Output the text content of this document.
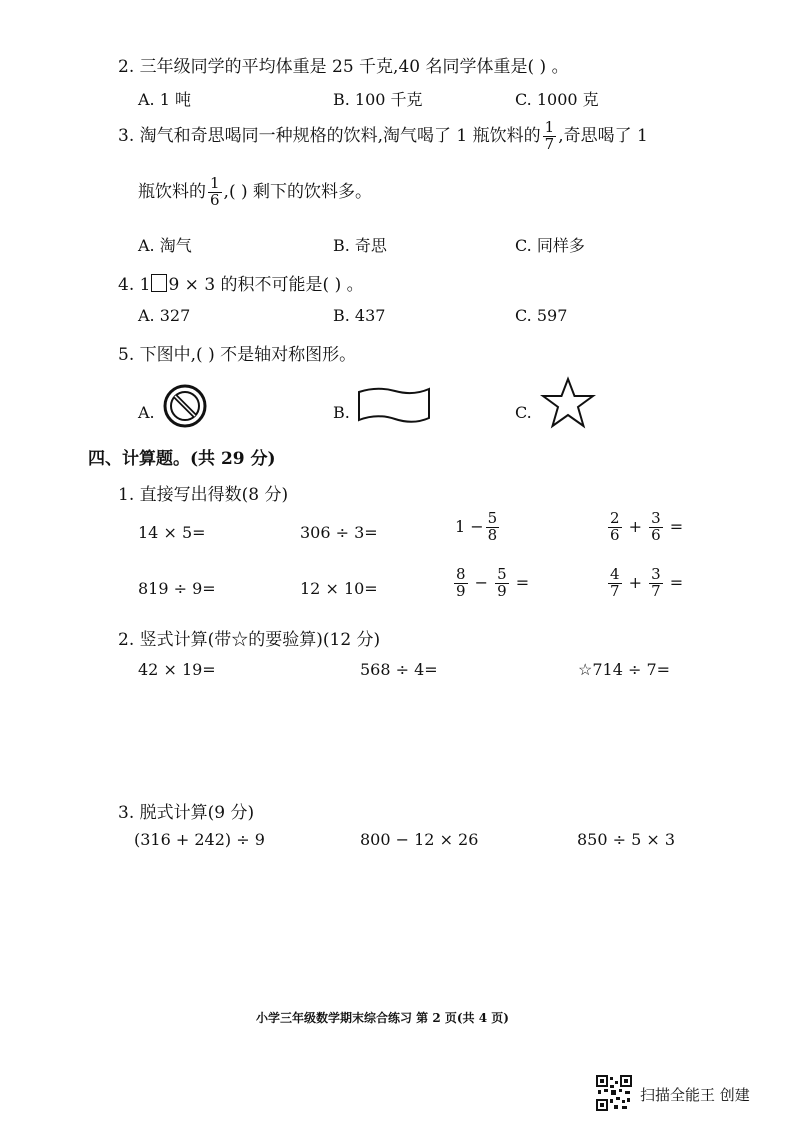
2. 三年级同学的平均体重是 25 千克,40 名同学体重是( ) 。
A. 1 吨	B. 100 千克	C. 1000 克
3. 淘气和奇思喝同一种规格的饮料,淘气喝了 1 瓶饮料的 $\frac{1}{7}$ ,奇思喝了 1
瓶饮料的 $\frac{1}{6}$ ,( ) 剩下的饮料多。
A. 淘气	B. 奇思	C. 同样多
4. 1 9 × 3 的积不可能是( ) 。
A. 327	B. 437	C. 597
5. 下图中,( ) 不是轴对称图形。
A.	B.	C.
四、计算题。(共 29 分)
1. 直接写出得数(8 分)
14 × 5=	306 ÷ 3=	$1 - \frac{5}{8}$	$\frac{2}{6} + \frac{3}{6}$ =
819 ÷ 9=	12 × 10=	$\frac{8}{9} - \frac{5}{9}$ =	$\frac{4}{7} + \frac{3}{7}$ =
2. 竖式计算(带☆的要验算)(12 分)
42 × 19=	568 ÷ 4=	☆714 ÷ 7=
3. 脱式计算(9 分)
(316 + 242) ÷ 9	800 − 12 × 26	850 ÷ 5 × 3
小学三年级数学期末综合练习 第 2 页(共 4 页)
扫描全能王 创建
